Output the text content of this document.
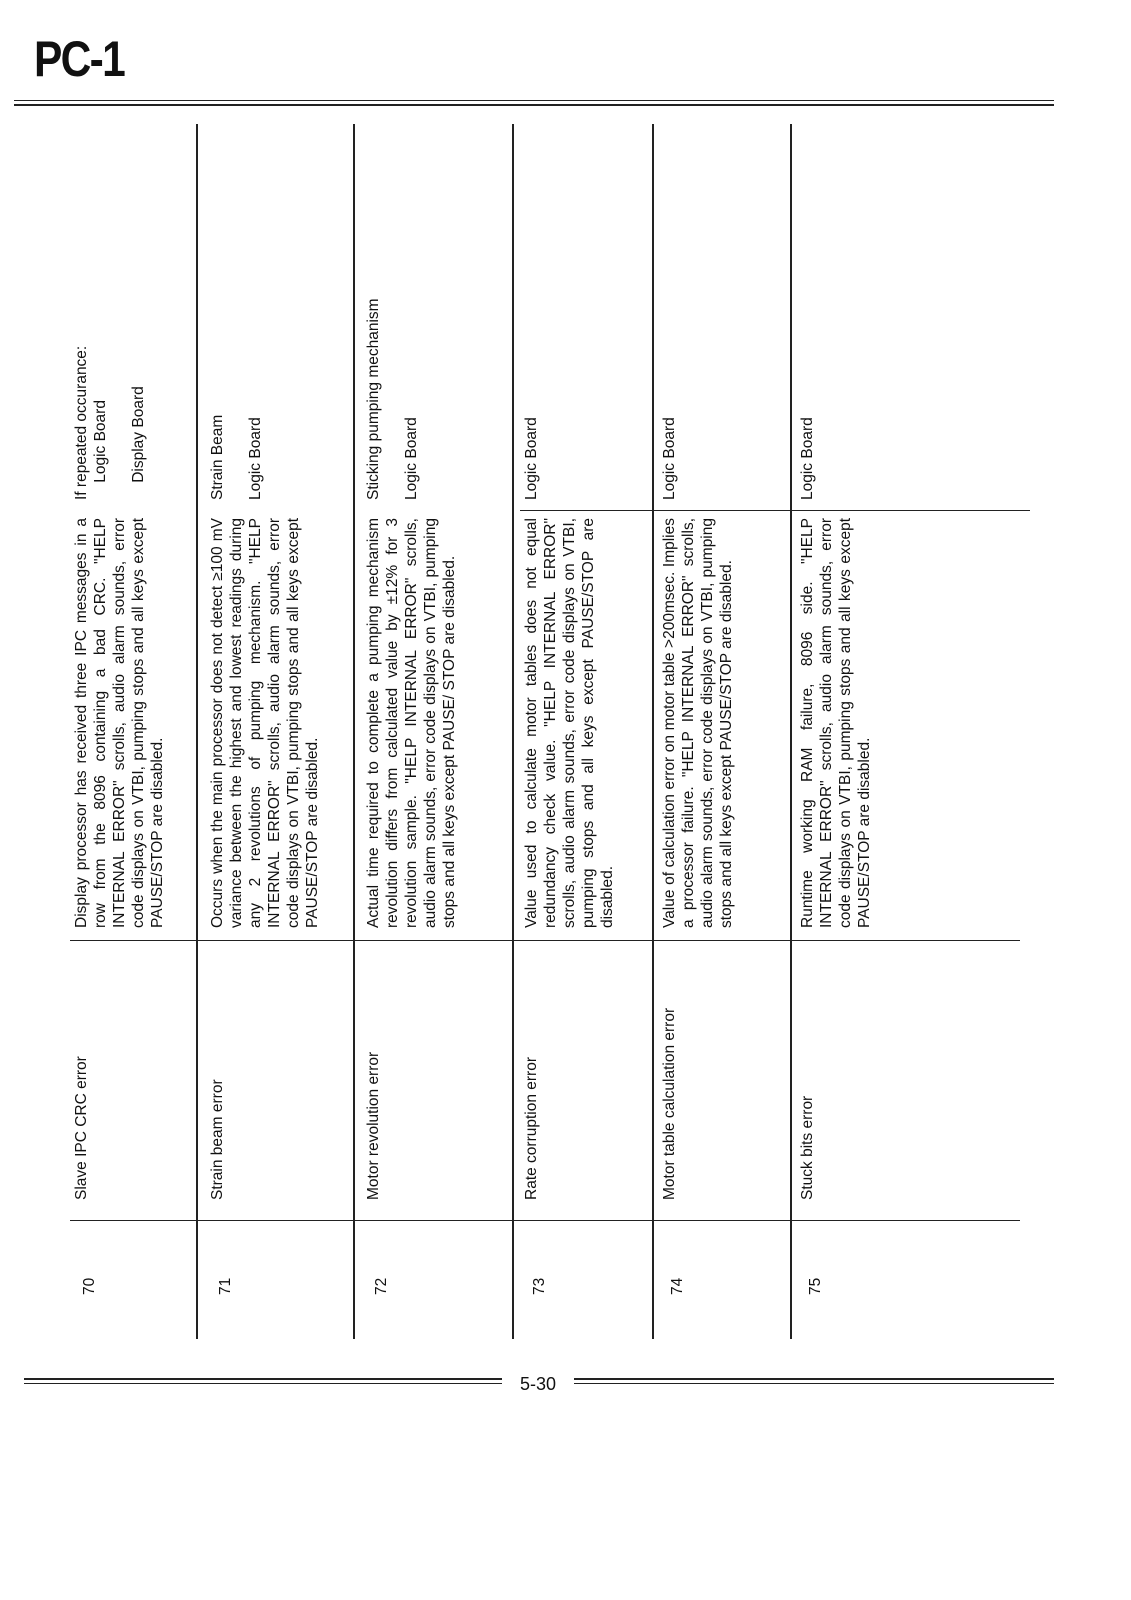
PC-1
70
Slave IPC CRC error
Display processor has received three IPC messages in a row from the 8096 containing a bad CRC. "HELP INTERNAL ERROR" scrolls, audio alarm sounds, error code displays on VTBI, pumping stops and all keys except PAUSE/STOP are disabled.
If repeated occurance:
Logic Board

Display Board
71
Strain beam error
Occurs when the main processor does not detect ≥100 mV variance between the highest and lowest readings during any 2 revolutions of pumping mechanism. "HELP INTERNAL ERROR" scrolls, audio alarm sounds, error code displays on VTBI, pumping stops and all keys except PAUSE/STOP are disabled.
Strain Beam

Logic Board
72
Motor revolution error
Actual time required to complete a pumping mechanism revolution differs from calculated value by ±12% for 3 revolution sample. "HELP INTERNAL ERROR" scrolls, audio alarm sounds, error code displays on VTBI, pumping stops and all keys except PAUSE/ STOP are disabled.
Sticking pumping mechanism

Logic Board
73
Rate corruption error
Value used to calculate motor tables does not equal redundancy check value. "HELP INTERNAL ERROR" scrolls, audio alarm sounds, error code displays on VTBI, pumping stops and all keys except PAUSE/STOP are disabled.
Logic Board
74
Motor table calculation error
Value of calculation error on motor table >200msec. Implies a processor failure. "HELP INTERNAL ERROR" scrolls, audio alarm sounds, error code displays on VTBI, pumping stops and all keys except PAUSE/STOP are disabled.
Logic Board
75
Stuck bits error
Runtime working RAM failure, 8096 side. "HELP INTERNAL ERROR" scrolls, audio alarm sounds, error code displays on VTBI, pumping stops and all keys except PAUSE/STOP are disabled.
Logic Board
5-30
